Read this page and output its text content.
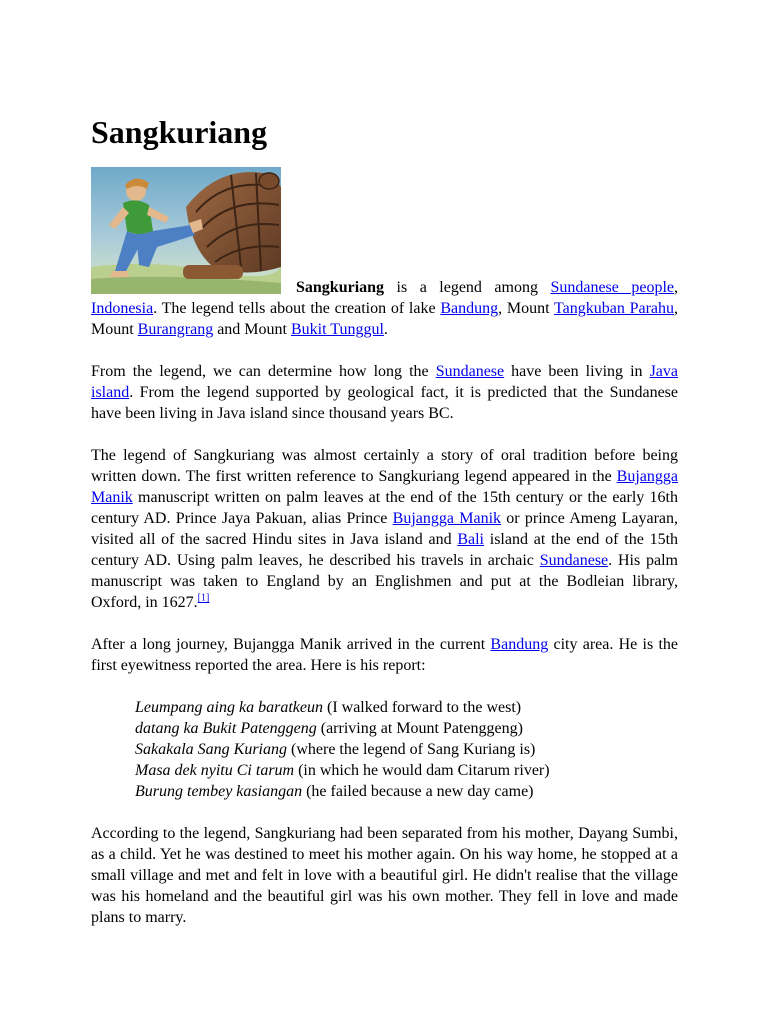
Sangkuriang

Sangkuriang is a legend among Sundanese people, Indonesia. The legend tells about the creation of lake Bandung, Mount Tangkuban Parahu, Mount Burangrang and Mount Bukit Tunggul.

From the legend, we can determine how long the Sundanese have been living in Java island. From the legend supported by geological fact, it is predicted that the Sundanese have been living in Java island since thousand years BC.

The legend of Sangkuriang was almost certainly a story of oral tradition before being written down. The first written reference to Sangkuriang legend appeared in the Bujangga Manik manuscript written on palm leaves at the end of the 15th century or the early 16th century AD. Prince Jaya Pakuan, alias Prince Bujangga Manik or prince Ameng Layaran, visited all of the sacred Hindu sites in Java island and Bali island at the end of the 15th century AD. Using palm leaves, he described his travels in archaic Sundanese. His palm manuscript was taken to England by an Englishmen and put at the Bodleian library, Oxford, in 1627.[1]

After a long journey, Bujangga Manik arrived in the current Bandung city area. He is the first eyewitness reported the area. Here is his report:

Leumpang aing ka baratkeun (I walked forward to the west)
datang ka Bukit Patenggeng (arriving at Mount Patenggeng)
Sakakala Sang Kuriang (where the legend of Sang Kuriang is)
Masa dek nyitu Ci tarum (in which he would dam Citarum river)
Burung tembey kasiangan (he failed because a new day came)

According to the legend, Sangkuriang had been separated from his mother, Dayang Sumbi, as a child. Yet he was destined to meet his mother again. On his way home, he stopped at a small village and met and felt in love with a beautiful girl. He didn't realise that the village was his homeland and the beautiful girl was his own mother. They fell in love and made plans to marry.
